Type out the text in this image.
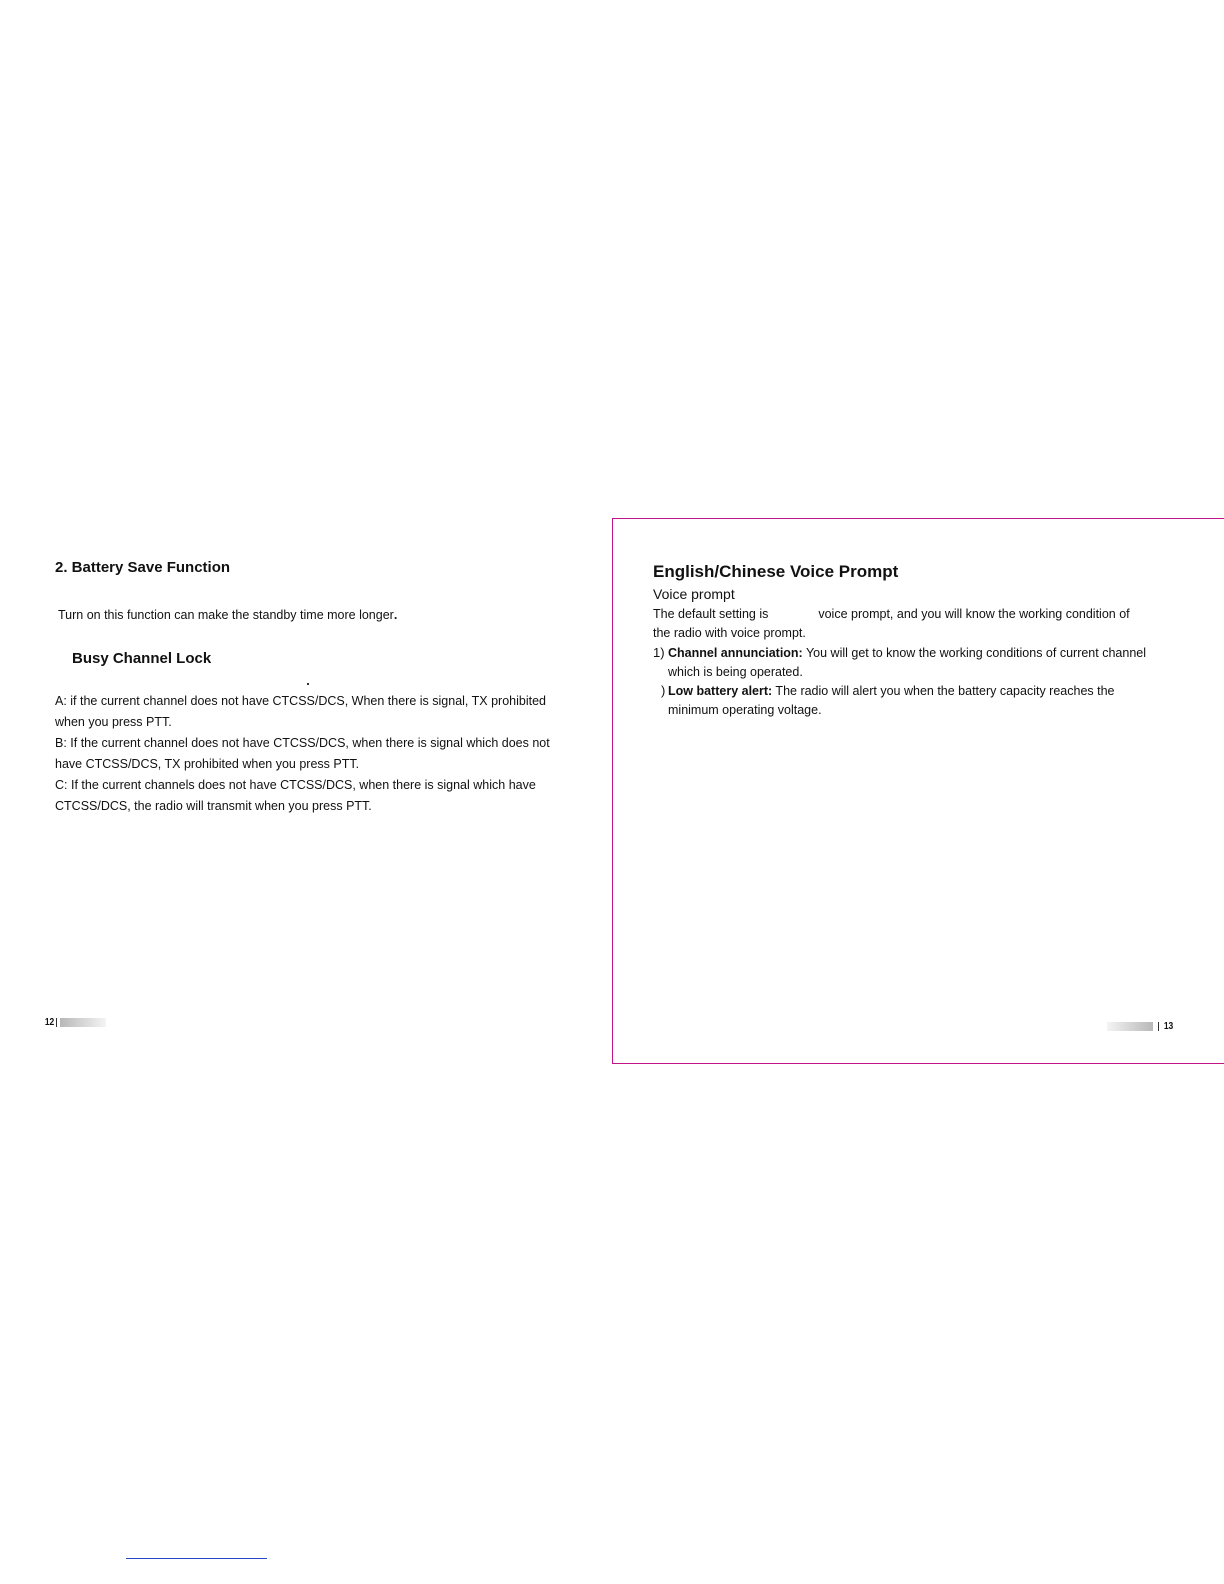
2. Battery Save Function

Turn on this function can make the standby time more longer.

Busy Channel Lock
A: if the current channel does not have CTCSS/DCS, When there is signal, TX prohibited
when you press PTT.
B: If the current channel does not have CTCSS/DCS, when there is signal which does not
have CTCSS/DCS, TX prohibited when you press PTT.
C: If the current channels does not have CTCSS/DCS, when there is signal which have
CTCSS/DCS, the radio will transmit when you press PTT.
12
English/Chinese Voice Prompt

Voice prompt

The default setting is	voice prompt, and you will know the working condition of
the radio with voice prompt.

1) Channel annunciation: You will get to know the working conditions of current channel
which is being operated.
) Low battery alert: The radio will alert you when the battery capacity reaches the
minimum operating voltage.
13
